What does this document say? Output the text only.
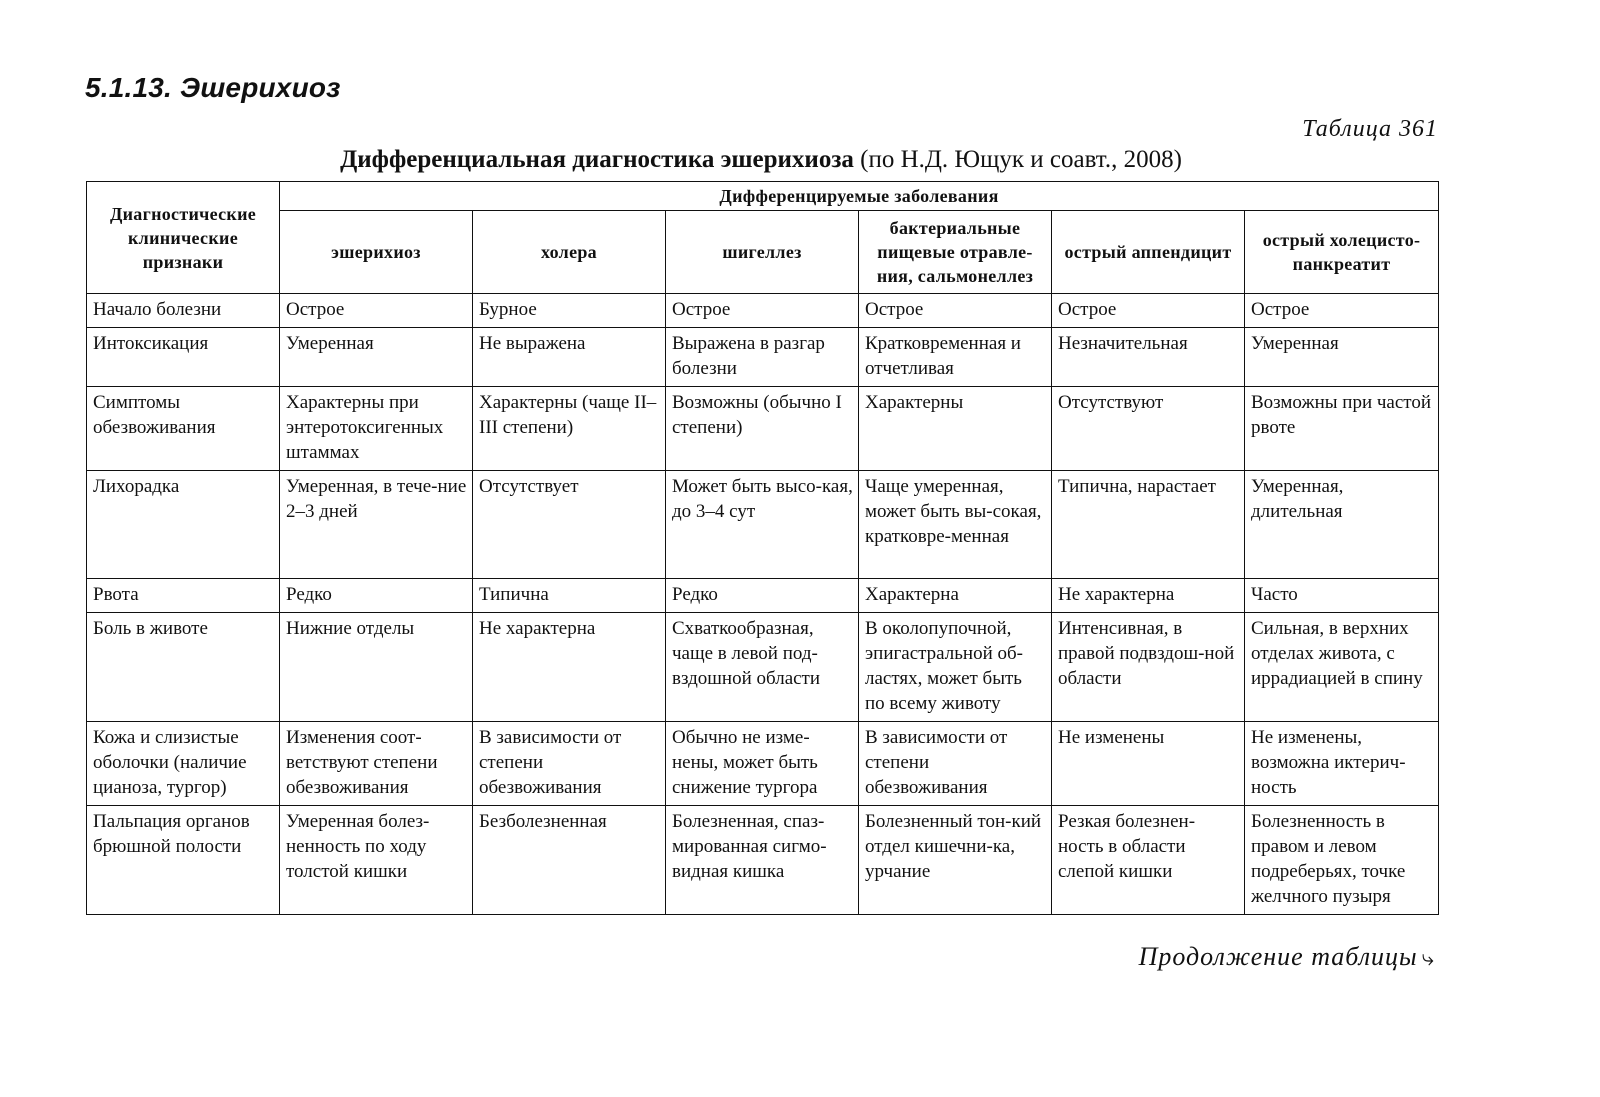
5.1.13. Эшерихиоз
Таблица 361
Дифференциальная диагностика эшерихиоза (по Н.Д. Ющук и соавт., 2008)
Диагностические клинические признаки	Дифференцируемые заболевания					
	эшерихиоз	холера	шигеллез	бактериальные пищевые отравле-ния, сальмонеллез	острый аппендицит	острый холецисто-панкреатит
Начало болезни	Острое	Бурное	Острое	Острое	Острое	Острое
Интоксикация	Умеренная	Не выражена	Выражена в разгар болезни	Кратковременная и отчетливая	Незначительная	Умеренная
Симптомы обезвоживания	Характерны при энтеротоксигенных штаммах	Характерны (чаще II–III степени)	Возможны (обычно I степени)	Характерны	Отсутствуют	Возможны при частой рвоте
Лихорадка	Умеренная, в тече-ние 2–3 дней	Отсутствует	Может быть высо-кая, до 3–4 сут	Чаще умеренная, может быть вы-сокая, кратковре-менная	Типична, нарастает	Умеренная, длительная
Рвота	Редко	Типична	Редко	Характерна	Не характерна	Часто
Боль в животе	Нижние отделы	Не характерна	Схваткообразная, чаще в левой под-вздошной области	В околопупочной, эпигастральной об-ластях, может быть по всему животу	Интенсивная, в правой подвздош-ной области	Сильная, в верхних отделах живота, с иррадиацией в спину
Кожа и слизистые оболочки (наличие цианоза, тургор)	Изменения соот-ветствуют степени обезвоживания	В зависимости от степени обезвоживания	Обычно не изме-нены, может быть снижение тургора	В зависимости от степени обезвоживания	Не изменены	Не изменены, возможна иктерич-ность
Пальпация органов брюшной полости	Умеренная болез-ненность по ходу толстой кишки	Безболезненная	Болезненная, спаз-мированная сигмо-видная кишка	Болезненный тон-кий отдел кишечни-ка, урчание	Резкая болезнен-ность в области слепой кишки	Болезненность в правом и левом подреберьях, точке желчного пузыря
Продолжение таблицы ⤷
